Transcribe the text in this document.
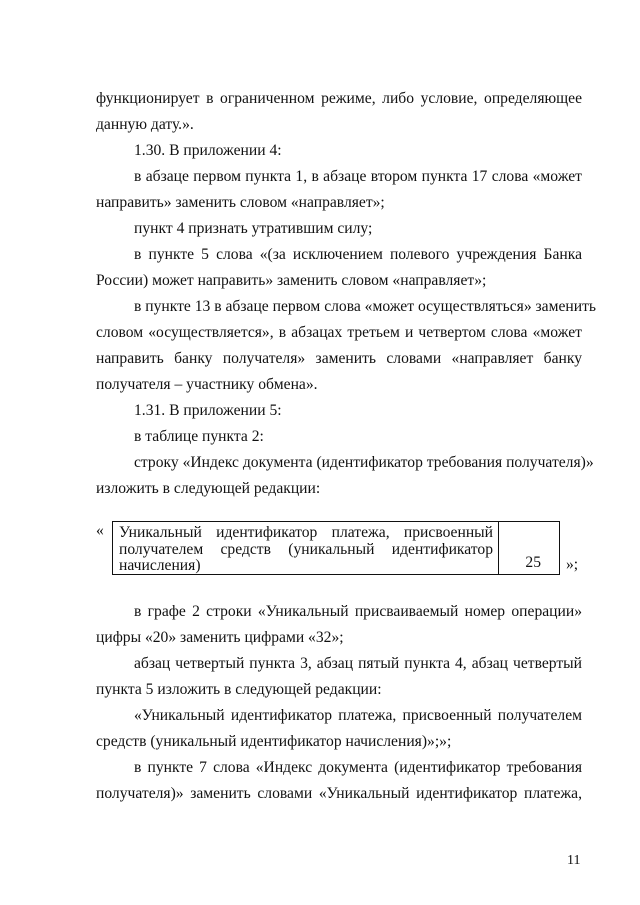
функционирует в ограниченном режиме, либо условие, определяющее
данную дату.».
1.30. В приложении 4:
в абзаце первом пункта 1, в абзаце втором пункта 17 слова «может
направить» заменить словом «направляет»;
пункт 4 признать утратившим силу;
в пункте 5 слова «(за исключением полевого учреждения Банка
России) может направить» заменить словом «направляет»;
в пункте 13 в абзаце первом слова «может осуществляться» заменить
словом «осуществляется», в абзацах третьем и четвертом слова «может
направить банку получателя» заменить словами «направляет банку
получателя – участнику обмена».
1.31. В приложении 5:
в таблице пункта 2:
строку «Индекс документа (идентификатор требования получателя)»
изложить в следующей редакции:
« Уникальный идентификатор платежа, присвоенный
получателем средств (уникальный идентификатор
начисления)	25 »;
в графе 2 строки «Уникальный присваиваемый номер операции»
цифры «20» заменить цифрами «32»;
абзац четвертый пункта 3, абзац пятый пункта 4, абзац четвертый
пункта 5 изложить в следующей редакции:
«Уникальный идентификатор платежа, присвоенный получателем
средств (уникальный идентификатор начисления)»;»;
в пункте 7 слова «Индекс документа (идентификатор требования
получателя)» заменить словами «Уникальный идентификатор платежа,
11
